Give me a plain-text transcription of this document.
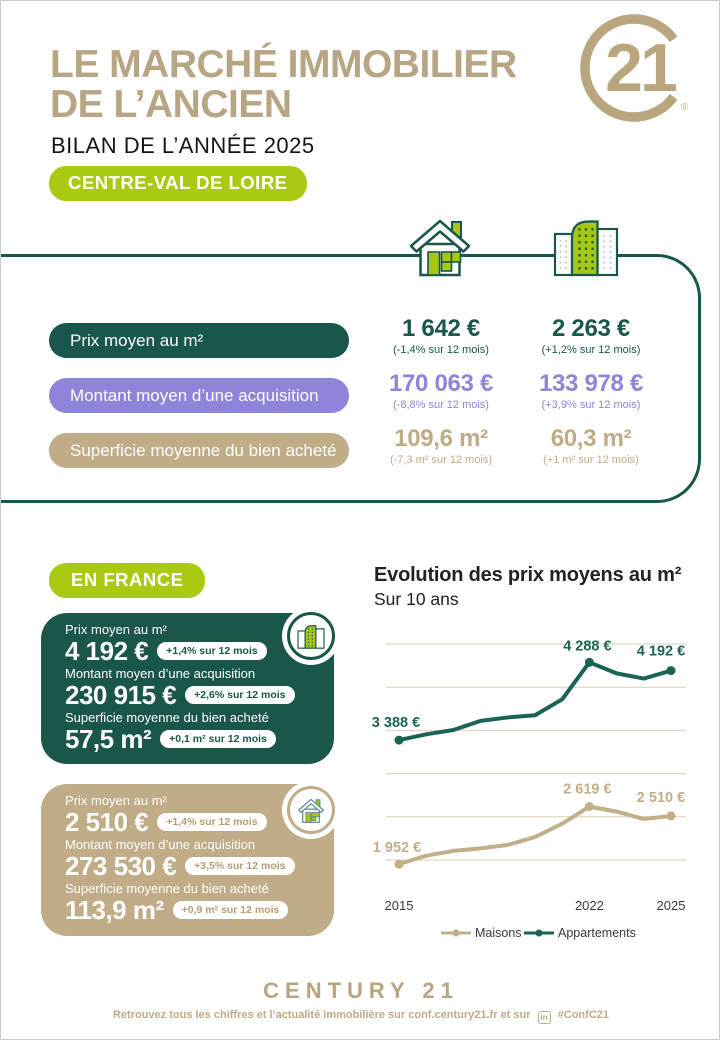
LE MARCHÉ IMMOBILIER
DE L’ANCIEN
BILAN DE L’ANNÉE 2025
CENTRE-VAL DE LOIRE
21
®
Prix moyen au m²	1 642 €
(-1,4% sur 12 mois)
2 263 €
(+1,2% sur 12 mois)
Montant moyen d’une acquisition	170 063 €
(-8,8% sur 12 mois)
133 978 €
(+3,9% sur 12 mois)
Superficie moyenne du bien acheté	109,6 m²
(-7,3 m² sur 12 mois)
60,3 m²
(+1 m² sur 12 mois)
EN FRANCE
Prix moyen au m²
4 192 €	+1,4% sur 12 mois
Montant moyen d’une acquisition
230 915 €	+2,6% sur 12 mois
Superficie moyenne du bien acheté
57,5 m²	+0,1 m² sur 12 mois
Prix moyen au m²
2 510 €	+1,4% sur 12 mois
Montant moyen d’une acquisition
273 530 €	+3,5% sur 12 mois
Superficie moyenne du bien acheté
113,9 m²	+0,9 m² sur 12 mois
Evolution des prix moyens au m²
Sur 10 ans
1 952 €
2 619 €
2 510 €
3 388 €
4 288 € 4 192 €
2015	2022	2025
Maisons	Appartements
CENTURY 21
Retrouvez tous les chiffres et l’actualité immobilière sur conf.century21.fr et sur in #ConfC21
